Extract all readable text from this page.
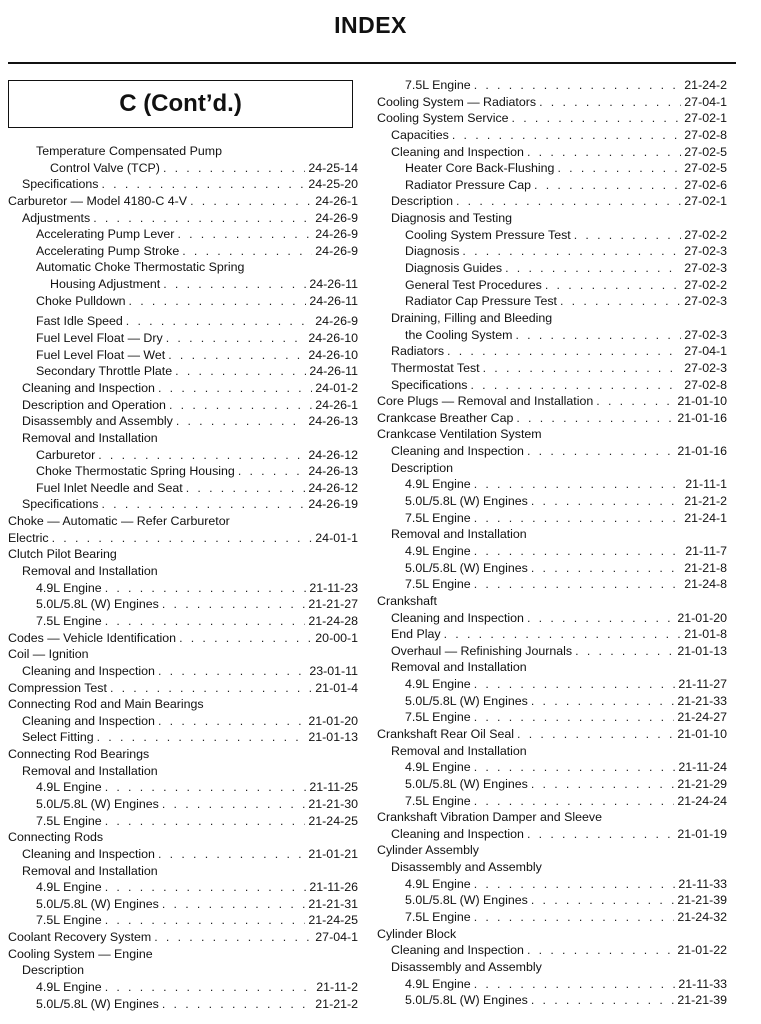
INDEX
C (Cont’d.)
Temperature Compensated Pump
Control Valve (TCP) . . .	24-25-14
Specifications . . .	24-25-20
Carburetor — Model 4180-C 4-V . . .	24-26-1
Adjustments . . .	24-26-9
Accelerating Pump Lever . . .	24-26-9
Accelerating Pump Stroke . . .	24-26-9
Automatic Choke Thermostatic Spring
Housing Adjustment . . .	24-26-11
Choke Pulldown . . .	24-26-11
Fast Idle Speed . . .	24-26-9
Fuel Level Float — Dry . . .	24-26-10
Fuel Level Float — Wet . . .	24-26-10
Secondary Throttle Plate . . .	24-26-11
Cleaning and Inspection . . .	24-01-2
Description and Operation . . .	24-26-1
Disassembly and Assembly . . .	24-26-13
Removal and Installation
Carburetor . . .	24-26-12
Choke Thermostatic Spring Housing . . .	24-26-13
Fuel Inlet Needle and Seat . . .	24-26-12
Specifications . . .	24-26-19
Choke — Automatic — Refer Carburetor
Electric . . .	24-01-1
Clutch Pilot Bearing
Removal and Installation
4.9L Engine . . .	21-11-23
5.0L/5.8L (W) Engines . . .	21-21-27
7.5L Engine . . .	21-24-28
Codes — Vehicle Identification . . .	20-00-1
Coil — Ignition
Cleaning and Inspection . . .	23-01-11
Compression Test . . .	21-01-4
Connecting Rod and Main Bearings
Cleaning and Inspection . . .	21-01-20
Select Fitting . . .	21-01-13
Connecting Rod Bearings
Removal and Installation
4.9L Engine . . .	21-11-25
5.0L/5.8L (W) Engines . . .	21-21-30
7.5L Engine . . .	21-24-25
Connecting Rods
Cleaning and Inspection . . .	21-01-21
Removal and Installation
4.9L Engine . . .	21-11-26
5.0L/5.8L (W) Engines . . .	21-21-31
7.5L Engine . . .	21-24-25
Coolant Recovery System . . .	27-04-1
Cooling System — Engine
Description
4.9L Engine . . .	21-11-2
5.0L/5.8L (W) Engines . . .	21-21-2
7.5L Engine . . .	21-24-2
Cooling System — Radiators . . .	27-04-1
Cooling System Service . . .	27-02-1
Capacities . . .	27-02-8
Cleaning and Inspection . . .	27-02-5
Heater Core Back-Flushing . . .	27-02-5
Radiator Pressure Cap . . .	27-02-6
Description . . .	27-02-1
Diagnosis and Testing
Cooling System Pressure Test . . .	27-02-2
Diagnosis . . .	27-02-3
Diagnosis Guides . . .	27-02-3
General Test Procedures . . .	27-02-2
Radiator Cap Pressure Test . . .	27-02-3
Draining, Filling and Bleeding
the Cooling System . . .	27-02-3
Radiators . . .	27-04-1
Thermostat Test . . .	27-02-3
Specifications . . .	27-02-8
Core Plugs — Removal and Installation . . .	21-01-10
Crankcase Breather Cap . . .	21-01-16
Crankcase Ventilation System
Cleaning and Inspection . . .	21-01-16
Description
4.9L Engine . . .	21-11-1
5.0L/5.8L (W) Engines . . .	21-21-2
7.5L Engine . . .	21-24-1
Removal and Installation
4.9L Engine . . .	21-11-7
5.0L/5.8L (W) Engines . . .	21-21-8
7.5L Engine . . .	21-24-8
Crankshaft
Cleaning and Inspection . . .	21-01-20
End Play . . .	21-01-8
Overhaul — Refinishing Journals . . .	21-01-13
Removal and Installation
4.9L Engine . . .	21-11-27
5.0L/5.8L (W) Engines . . .	21-21-33
7.5L Engine . . .	21-24-27
Crankshaft Rear Oil Seal . . .	21-01-10
Removal and Installation
4.9L Engine . . .	21-11-24
5.0L/5.8L (W) Engines . . .	21-21-29
7.5L Engine . . .	21-24-24
Crankshaft Vibration Damper and Sleeve
Cleaning and Inspection . . .	21-01-19
Cylinder Assembly
Disassembly and Assembly
4.9L Engine . . .	21-11-33
5.0L/5.8L (W) Engines . . .	21-21-39
7.5L Engine . . .	21-24-32
Cylinder Block
Cleaning and Inspection . . .	21-01-22
Disassembly and Assembly
4.9L Engine . . .	21-11-33
5.0L/5.8L (W) Engines . . .	21-21-39
